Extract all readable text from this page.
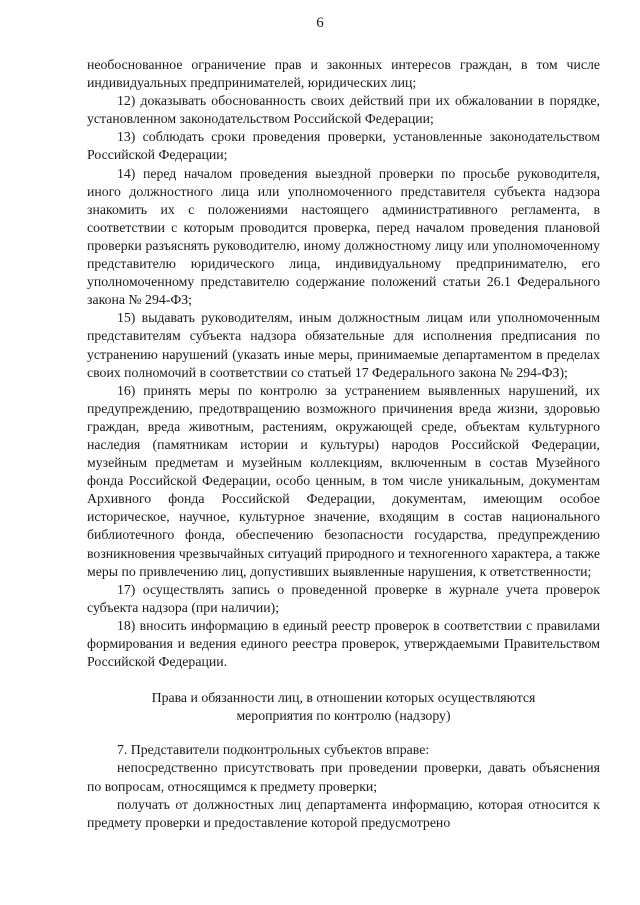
6

необоснованное ограничение прав и законных интересов граждан, в том числе индивидуальных предпринимателей, юридических лиц;

12) доказывать обоснованность своих действий при их обжаловании в порядке, установленном законодательством Российской Федерации;

13) соблюдать сроки проведения проверки, установленные законодательством Российской Федерации;

14) перед началом проведения выездной проверки по просьбе руководителя, иного должностного лица или уполномоченного представителя субъекта надзора знакомить их с положениями настоящего административного регламента, в соответствии с которым проводится проверка, перед началом проведения плановой проверки разъяснять руководителю, иному должностному лицу или уполномоченному представителю юридического лица, индивидуальному предпринимателю, его уполномоченному представителю содержание положений статьи 26.1 Федерального закона № 294-ФЗ;

15) выдавать руководителям, иным должностным лицам или уполномоченным представителям субъекта надзора обязательные для исполнения предписания по устранению нарушений (указать иные меры, принимаемые департаментом в пределах своих полномочий в соответствии со статьей 17 Федерального закона № 294-ФЗ);

16) принять меры по контролю за устранением выявленных нарушений, их предупреждению, предотвращению возможного причинения вреда жизни, здоровью граждан, вреда животным, растениям, окружающей среде, объектам культурного наследия (памятникам истории и культуры) народов Российской Федерации, музейным предметам и музейным коллекциям, включенным в состав Музейного фонда Российской Федерации, особо ценным, в том числе уникальным, документам Архивного фонда Российской Федерации, документам, имеющим особое историческое, научное, культурное значение, входящим в состав национального библиотечного фонда, обеспечению безопасности государства, предупреждению возникновения чрезвычайных ситуаций природного и техногенного характера, а также меры по привлечению лиц, допустивших выявленные нарушения, к ответственности;

17) осуществлять запись о проведенной проверке в журнале учета проверок субъекта надзора (при наличии);

18) вносить информацию в единый реестр проверок в соответствии с правилами формирования и ведения единого реестра проверок, утверждаемыми Правительством Российской Федерации.

Права и обязанности лиц, в отношении которых осуществляются мероприятия по контролю (надзору)

7. Представители подконтрольных субъектов вправе:

непосредственно присутствовать при проведении проверки, давать объяснения по вопросам, относящимся к предмету проверки;

получать от должностных лиц департамента информацию, которая относится к предмету проверки и предоставление которой предусмотрено
